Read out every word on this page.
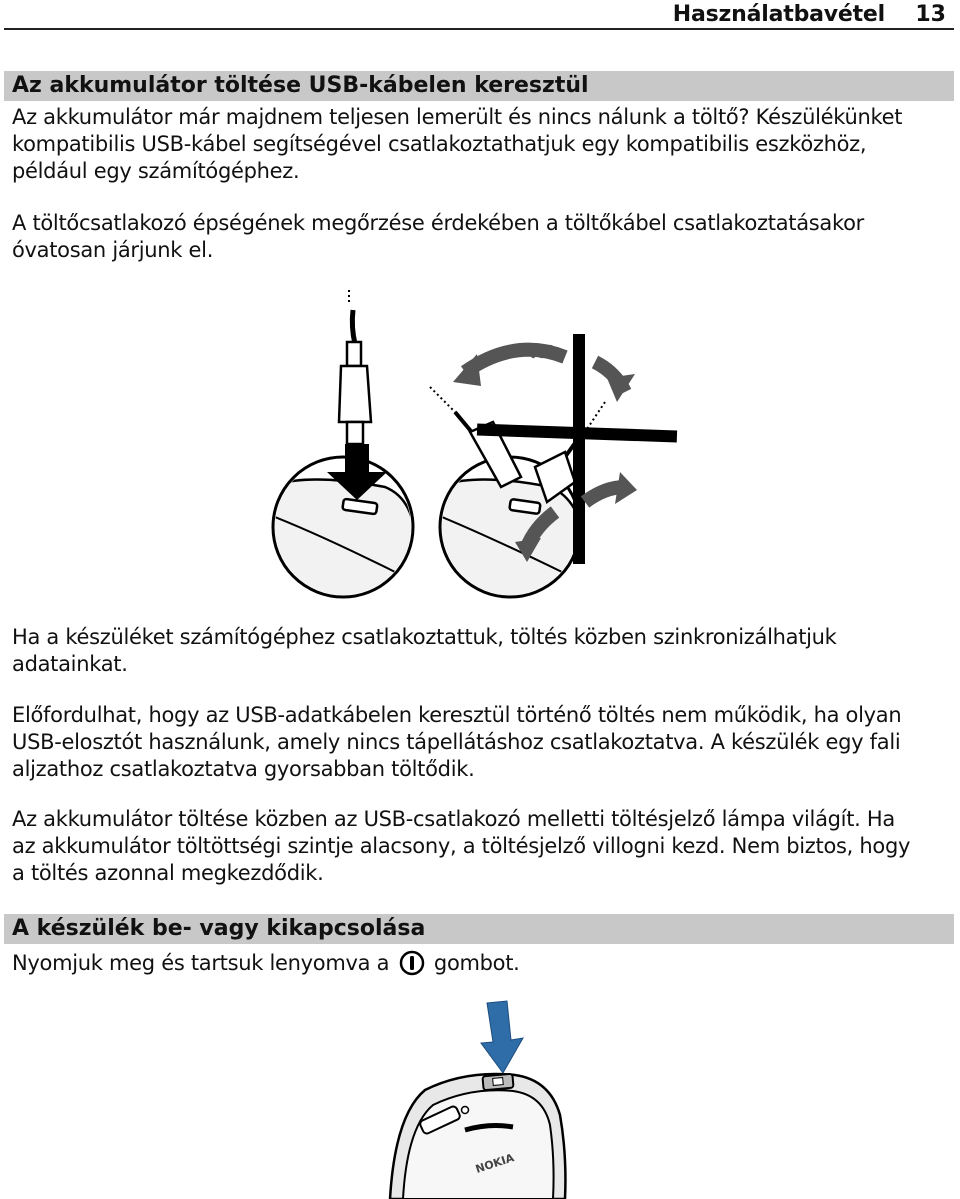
Használatbavétel 13
Az akkumulátor töltése USB-kábelen keresztül
Az akkumulátor már majdnem teljesen lemerült és nincs nálunk a töltő? Készülékünket
kompatibilis USB-kábel segítségével csatlakoztathatjuk egy kompatibilis eszközhöz,
például egy számítógéphez.
A töltőcsatlakozó épségének megőrzése érdekében a töltőkábel csatlakoztatásakor
óvatosan járjunk el.
Ha a készüléket számítógéphez csatlakoztattuk, töltés közben szinkronizálhatjuk
adatainkat.
Előfordulhat, hogy az USB-adatkábelen keresztül történő töltés nem működik, ha olyan
USB-elosztót használunk, amely nincs tápellátáshoz csatlakoztatva. A készülék egy fali
aljzathoz csatlakoztatva gyorsabban töltődik.
Az akkumulátor töltése közben az USB-csatlakozó melletti töltésjelző lámpa világít. Ha
az akkumulátor töltöttségi szintje alacsony, a töltésjelző villogni kezd. Nem biztos, hogy
a töltés azonnal megkezdődik.
A készülék be- vagy kikapcsolása
Nyomjuk meg és tartsuk lenyomva a gombot.
NOKIA
